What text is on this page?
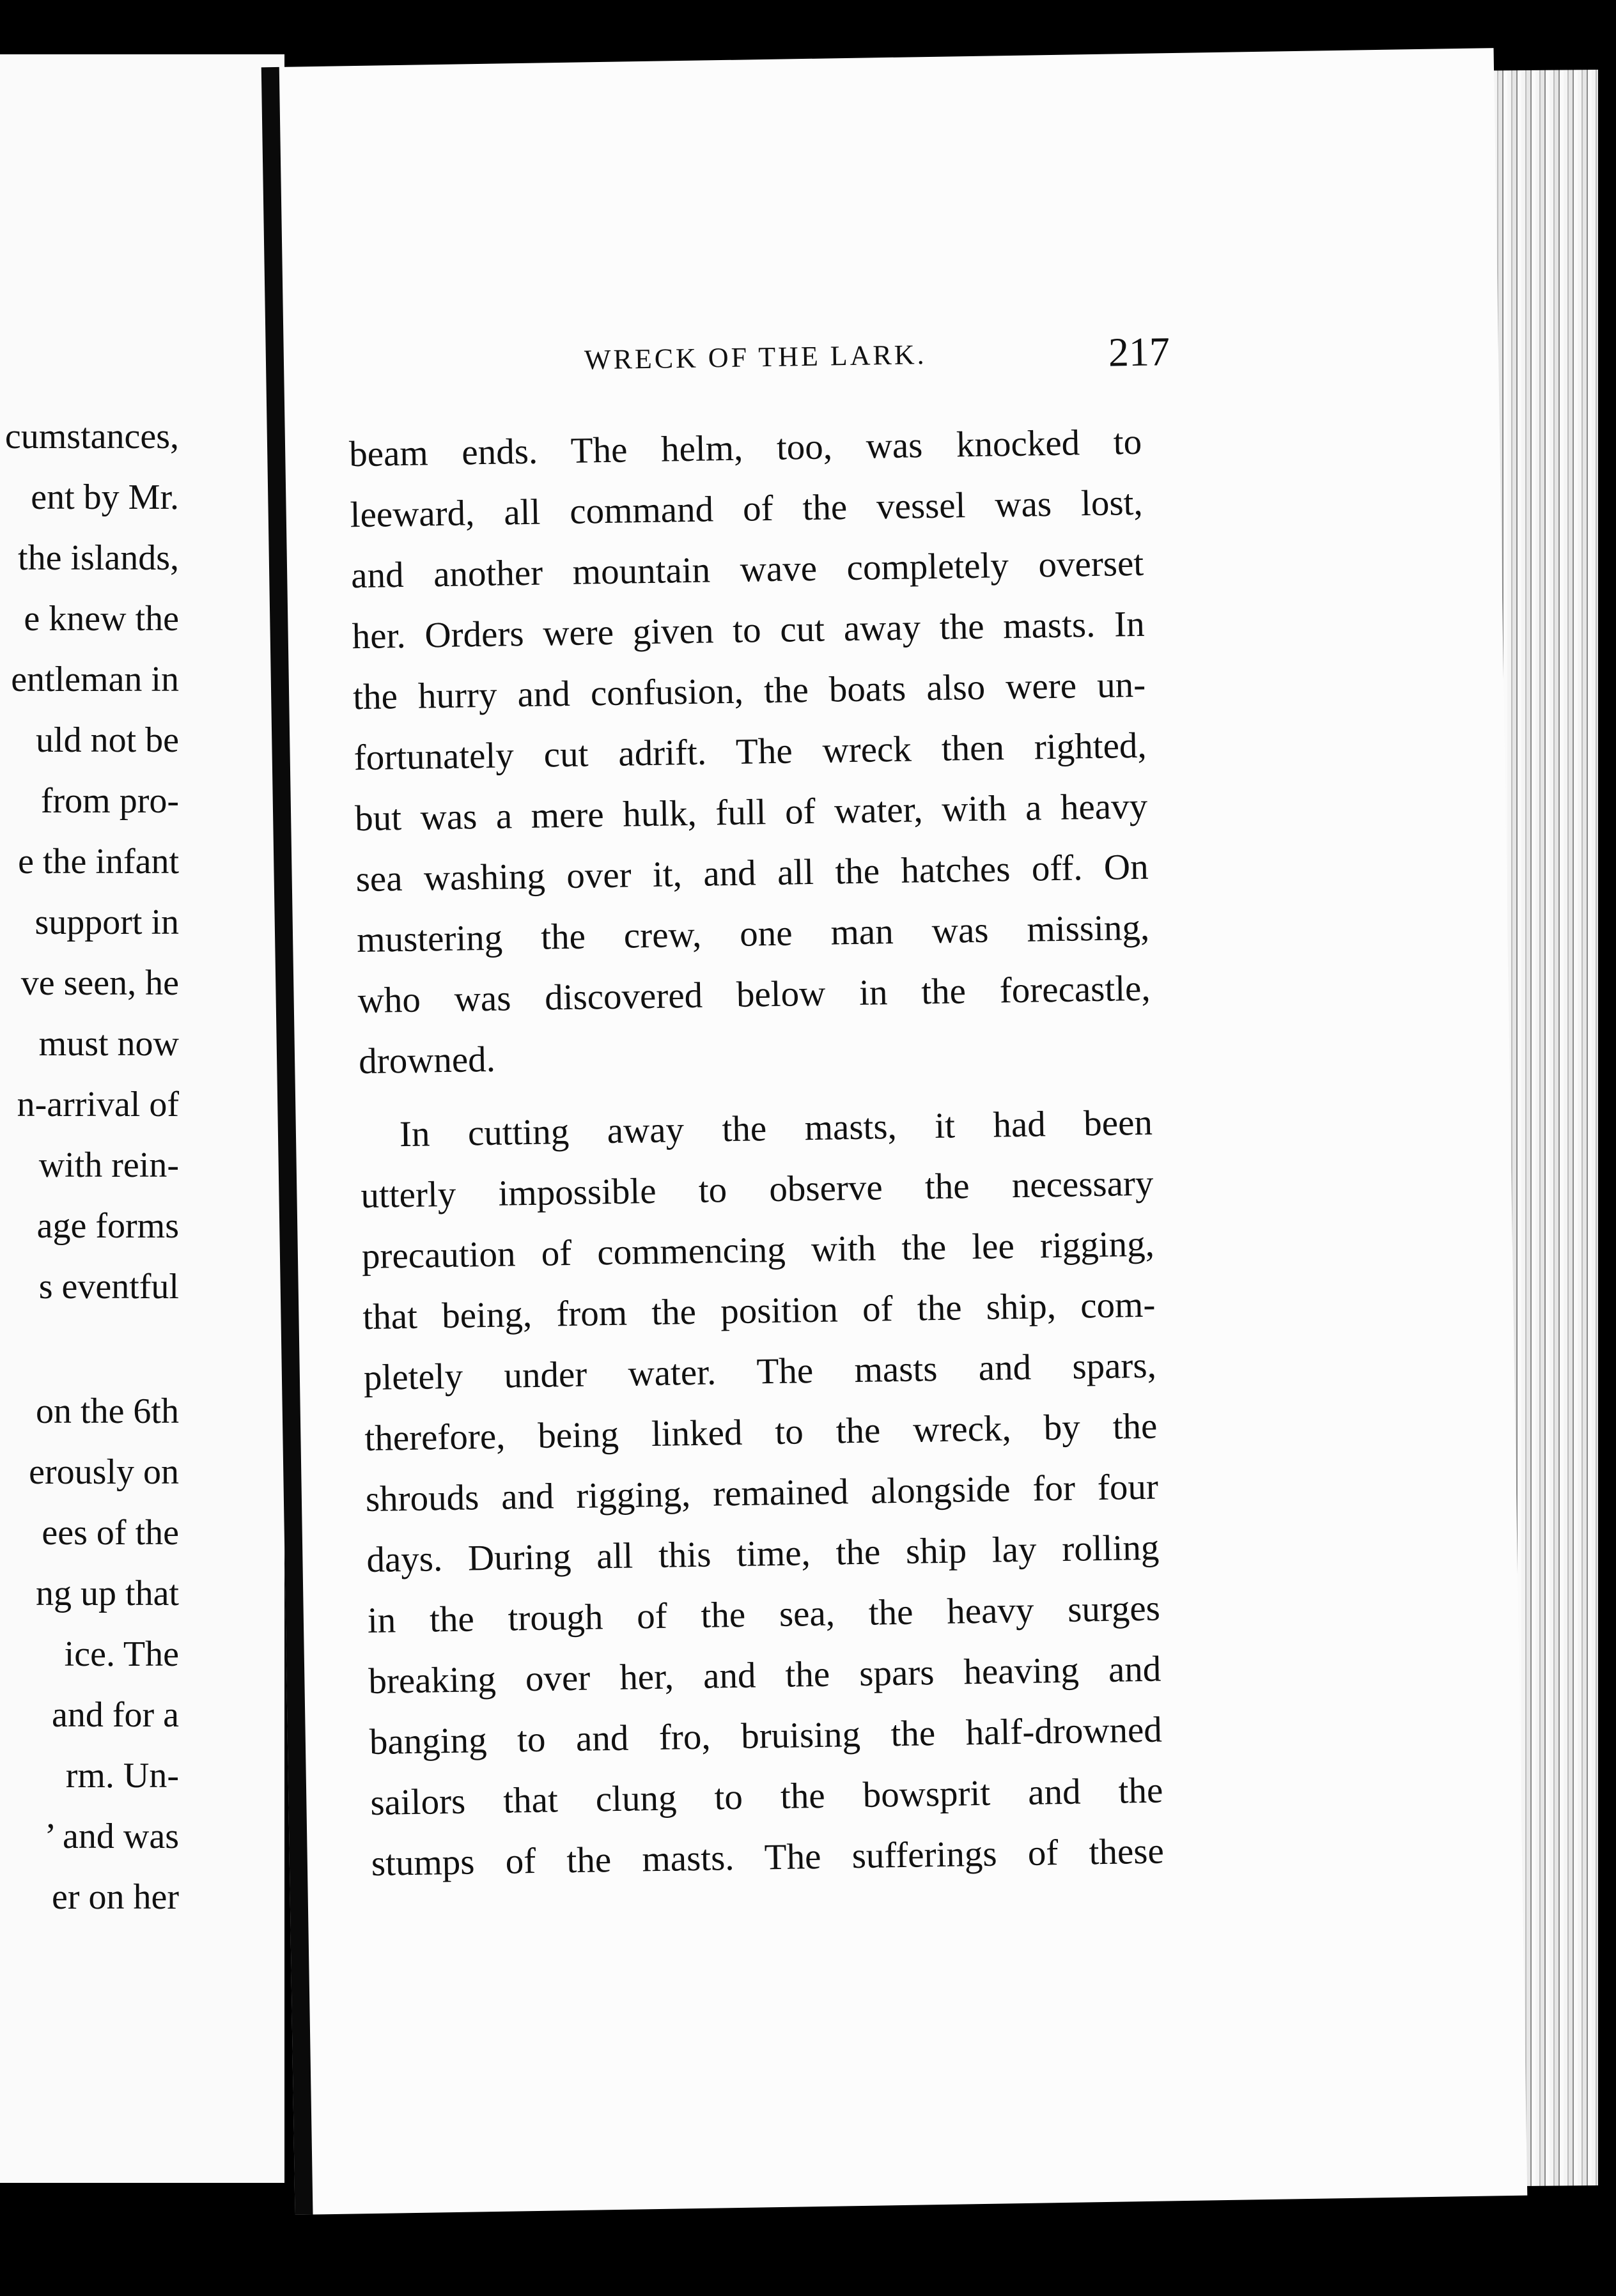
cumstances,
ent by Mr.
the islands,
e knew the
entleman in
uld not be
from pro-
e the infant
support in
ve seen, he
must now
n-arrival of
with rein-
age forms
s eventful
on the 6th
erously on
ees of the
ng up that
ice. The
and for a
rm. Un-
’ and was
er on her
WRECK OF THE LARK.	217
beam ends. The helm, too, was knocked to
leeward, all command of the vessel was lost,
and another mountain wave completely overset
her. Orders were given to cut away the masts. In
the hurry and confusion, the boats also were un-
fortunately cut adrift. The wreck then righted,
but was a mere hulk, full of water, with a heavy
sea washing over it, and all the hatches off. On
mustering the crew, one man was missing,
who was discovered below in the forecastle,
drowned.
In cutting away the masts, it had been
utterly impossible to observe the necessary
precaution of commencing with the lee rigging,
that being, from the position of the ship, com-
pletely under water. The masts and spars,
therefore, being linked to the wreck, by the
shrouds and rigging, remained alongside for four
days. During all this time, the ship lay rolling
in the trough of the sea, the heavy surges
breaking over her, and the spars heaving and
banging to and fro, bruising the half-drowned
sailors that clung to the bowsprit and the
stumps of the masts. The sufferings of these
